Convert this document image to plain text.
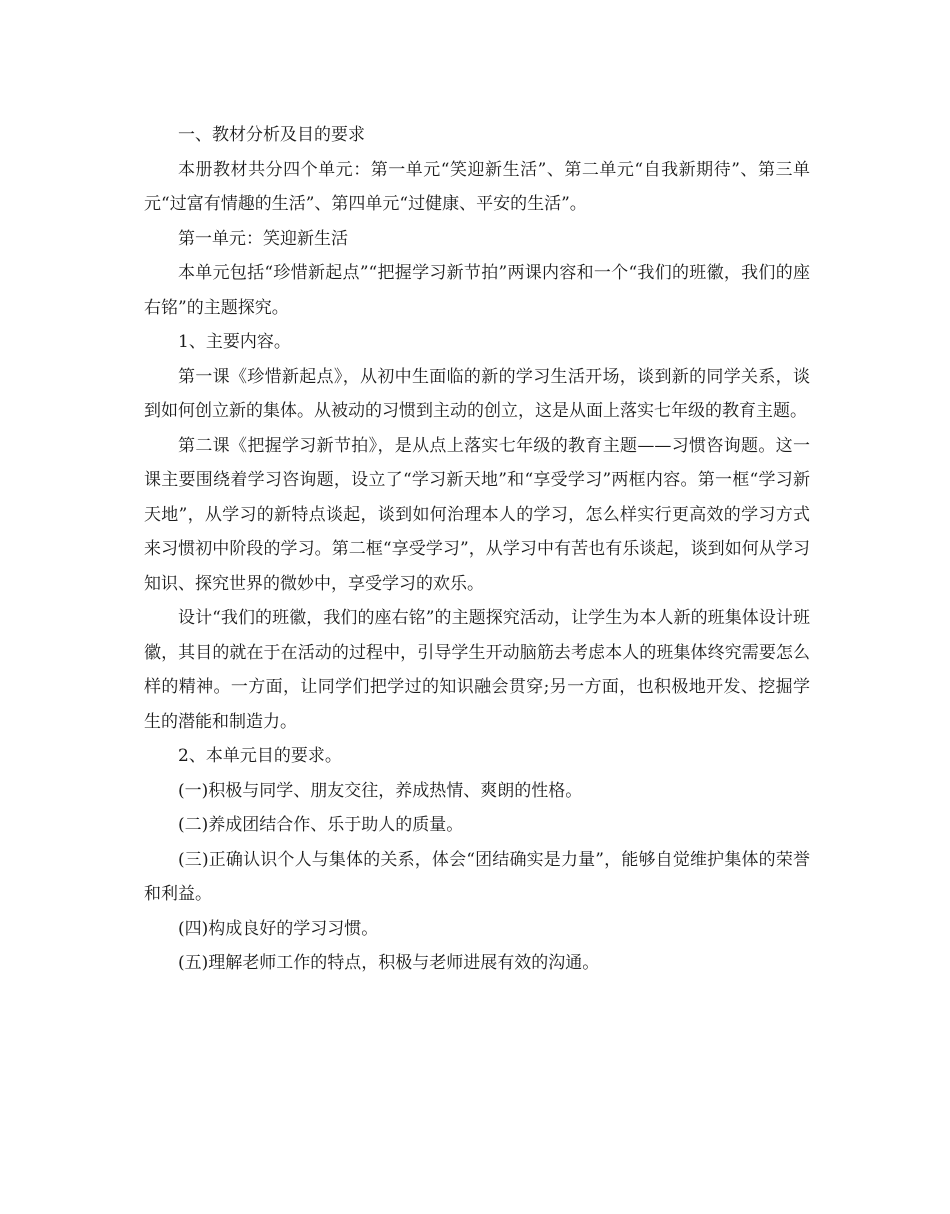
一、教材分析及目的要求

本册教材共分四个单元：第一单元“笑迎新生活”、第二单元“自我新期待”、第三单元“过富有情趣的生活”、第四单元“过健康、平安的生活”。

第一单元：笑迎新生活

本单元包括“珍惜新起点”“把握学习新节拍”两课内容和一个“我们的班徽，我们的座右铭”的主题探究。

1、主要内容。

第一课《珍惜新起点》，从初中生面临的新的学习生活开场，谈到新的同学关系，谈到如何创立新的集体。从被动的习惯到主动的创立，这是从面上落实七年级的教育主题。

第二课《把握学习新节拍》，是从点上落实七年级的教育主题——习惯咨询题。这一课主要围绕着学习咨询题，设立了“学习新天地”和“享受学习”两框内容。第一框“学习新天地”，从学习的新特点谈起，谈到如何治理本人的学习，怎么样实行更高效的学习方式来习惯初中阶段的学习。第二框“享受学习”，从学习中有苦也有乐谈起，谈到如何从学习知识、探究世界的微妙中，享受学习的欢乐。

设计“我们的班徽，我们的座右铭”的主题探究活动，让学生为本人新的班集体设计班徽，其目的就在于在活动的过程中，引导学生开动脑筋去考虑本人的班集体终究需要怎么样的精神。一方面，让同学们把学过的知识融会贯穿;另一方面，也积极地开发、挖掘学生的潜能和制造力。

2、本单元目的要求。

(一)积极与同学、朋友交往，养成热情、爽朗的性格。

(二)养成团结合作、乐于助人的质量。

(三)正确认识个人与集体的关系，体会“团结确实是力量”，能够自觉维护集体的荣誉和利益。

(四)构成良好的学习习惯。

(五)理解老师工作的特点，积极与老师进展有效的沟通。
